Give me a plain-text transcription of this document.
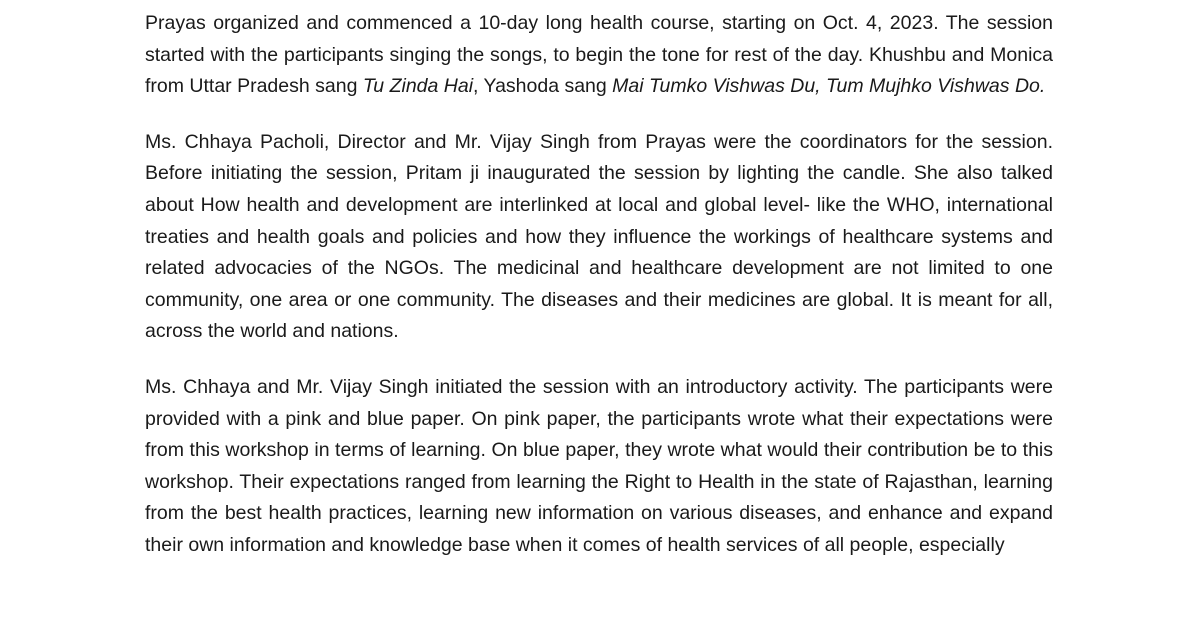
Prayas organized and commenced a 10-day long health course, starting on Oct. 4, 2023. The session started with the participants singing the songs, to begin the tone for rest of the day. Khushbu and Monica from Uttar Pradesh sang Tu Zinda Hai, Yashoda sang Mai Tumko Vishwas Du, Tum Mujhko Vishwas Do.

Ms. Chhaya Pacholi, Director and Mr. Vijay Singh from Prayas were the coordinators for the session. Before initiating the session, Pritam ji inaugurated the session by lighting the candle. She also talked about How health and development are interlinked at local and global level- like the WHO, international treaties and health goals and policies and how they influence the workings of healthcare systems and related advocacies of the NGOs. The medicinal and healthcare development are not limited to one community, one area or one community. The diseases and their medicines are global. It is meant for all, across the world and nations.

Ms. Chhaya and Mr. Vijay Singh initiated the session with an introductory activity. The participants were provided with a pink and blue paper. On pink paper, the participants wrote what their expectations were from this workshop in terms of learning. On blue paper, they wrote what would their contribution be to this workshop. Their expectations ranged from learning the Right to Health in the state of Rajasthan, learning from the best health practices, learning new information on various diseases, and enhance and expand their own information and knowledge base when it comes of health services of all people, especially
